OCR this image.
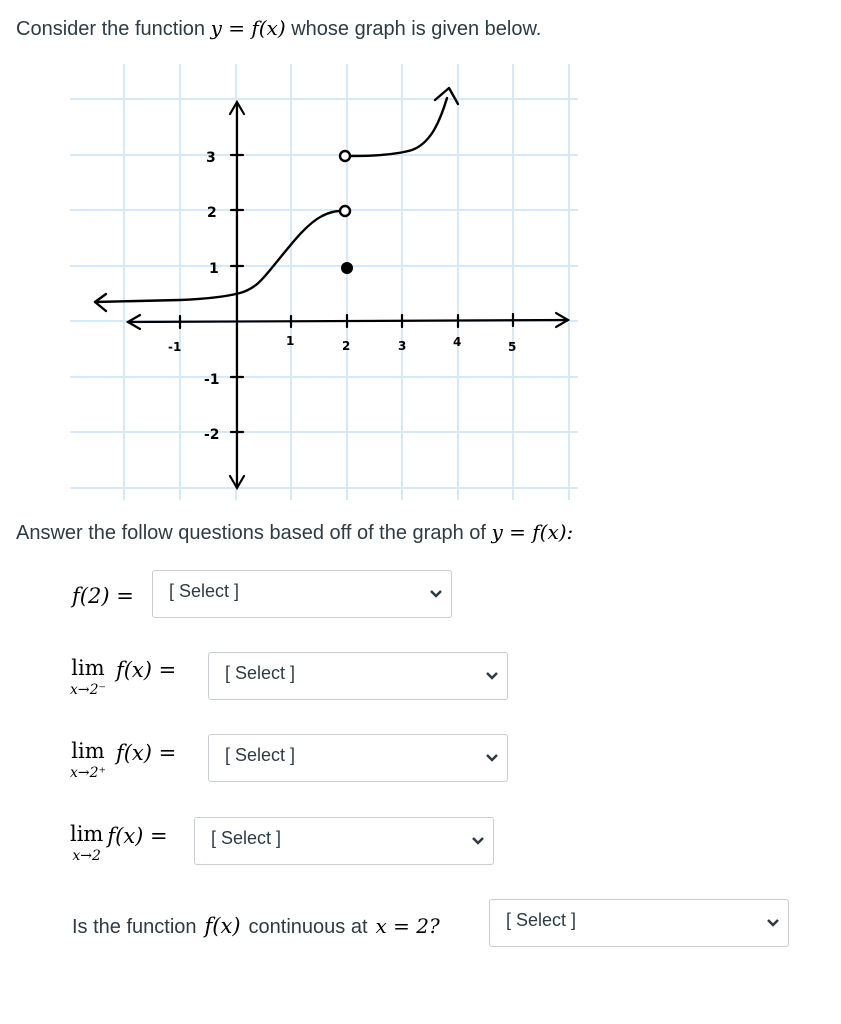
Consider the function y = f(x) whose graph is given below.
-1	1	2	3	4	5
3
2
1
-1
-2
Answer the follow questions based off of the graph of y = f(x):
f(2) = [ Select ]
lim
x→2⁻
f(x) =	[ Select ]
lim
x→2⁺
f(x) =	[ Select ]
lim
x→2
f(x) = [ Select ]
Is the function f(x) continuous at x = 2?	[ Select ]
